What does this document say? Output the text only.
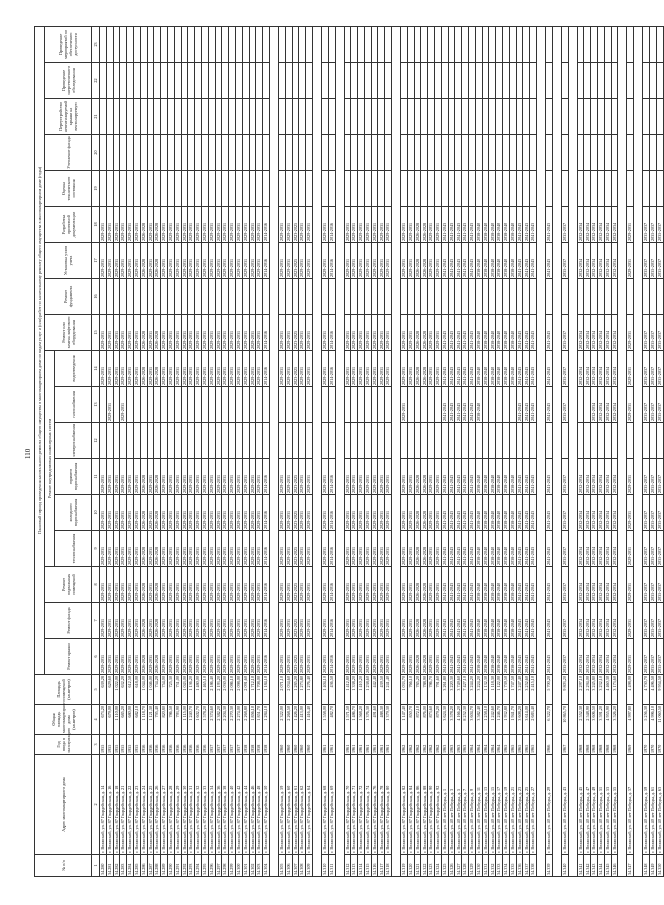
110
№ п/п	Адрес многоквартирного дома	Год ввода в эксплуатацию	Общая площадь многоквартирного дома (кв.метров)	Площадь помещений (кв.метров)	Плановый период проведения капитального ремонта общего имущества в многоквартирном доме по видам услуг и (или) работ по капитальному ремонту общего имущества в многоквартирном доме (годы)																	
					Ремонт крыши	Ремонт фасада	Ремонт подвальных помещений	Ремонт внутридомовых инженерных систем						Ремонт или замена лифтового оборудования	Ремонт фундамента	Установка узлов учета	Разработка проектной документации	Оценка технического состояния	Утепление фасада	Переустройство невентилируемой крыши на вентилируемую	Проведение энергетического обследования	Проведение мероприятий по обеспечению доступности
								теплоснабжения	холодного водоснабжения	горячего водоснабжения	электроснабжения	газоснабжения	водоотведения									
1	2	3	4	5	6	7	8	9	10	11	12	13	14	15	16	17	18	19	20	21	22	23
34.280	г. Волжский, ул. 87 Гвардейская, д. 14	1955	673,20	639,28	2029-2031	2029-2031	2029-2031	2029-2031	2029-2031	2029-2031			2029-2031	2029-2031		2029-2031	2029-2031					
34.281	г. Волжский, ул. 87 Гвардейская, д. 16	1955	679,00	629,60	2029-2031	2029-2031	2029-2031	2029-2031	2029-2031	2029-2031		2029-2031	2029-2031	2029-2031		2029-2031	2029-2031					
34.282	г. Волжский, ул. 87 Гвардейская, д. 18	1955	1 110,00	1 022,00	2029-2031	2029-2031	2029-2031	2029-2031	2029-2031	2029-2031			2029-2031	2029-2031		2029-2031	2029-2031					
34.283	г. Волжский, ул. 87 Гвардейская, д. 21	1955	685,20	632,20	2029-2031	2029-2031	2029-2031	2029-2031	2029-2031	2029-2031		2029-2031	2029-2031	2029-2031		2029-2031	2029-2031					
34.284	г. Волжский, ул. 87 Гвардейская, д. 22	1955	680,00	612,50	2029-2031	2029-2031	2029-2031	2029-2031	2029-2031	2029-2031			2029-2031	2029-2031		2029-2031	2029-2031					
34.285	г. Волжский, ул. 87 Гвардейская, д. 23	1955	682,10	618,00	2029-2031	2029-2031	2029-2031	2029-2031	2029-2031	2029-2031			2029-2031	2029-2031		2029-2031	2029-2031					
34.286	г. Волжский, ул. 87 Гвардейская, д. 24	1956	1 118,70	1 044,00	2026-2028	2026-2028	2026-2028	2026-2028	2026-2028	2026-2028			2026-2028	2026-2028		2026-2028	2026-2028					
34.287	г. Волжский, ул. 87 Гвардейская, д. 25	1956	1 121,30	1 046,00	2029-2031	2029-2031	2029-2031	2029-2031	2029-2031	2029-2031			2029-2031	2029-2031		2029-2031	2029-2031					
34.288	г. Волжский, ул. 87 Гвардейская, д. 26	1956	795,40	734,20	2026-2028	2026-2028	2026-2028	2026-2028	2026-2028	2026-2028			2026-2028	2026-2028		2026-2028	2026-2028					
34.289	г. Волжский, ул. 87 Гвардейская, д. 27	1956	820,80	754,00	2029-2031	2029-2031	2029-2031	2029-2031	2029-2031	2029-2031			2029-2031	2029-2031		2029-2031	2029-2031					
34.290	г. Волжский, ул. 87 Гвардейская, д. 28	1956	786,50	725,30	2029-2031	2029-2031	2029-2031	2029-2031	2029-2031	2029-2031			2029-2031	2029-2031		2029-2031	2029-2031					
34.291	г. Волжский, ул. 87 Гвардейская, д. 29	1956	793,90	731,00	2029-2031	2029-2031	2029-2031	2029-2031	2029-2031	2029-2031			2029-2031	2029-2031		2029-2031	2029-2031					
34.292	г. Волжский, ул. 87 Гвардейская, д. 30	1956	1 115,00	1 043,00	2029-2031	2029-2031	2029-2031	2029-2031	2029-2031	2029-2031			2029-2031	2029-2031		2029-2031	2029-2031					
34.293	г. Волжский, ул. 87 Гвардейская, д. 31	1956	1 240,70	1 136,20	2029-2031	2029-2031	2029-2031	2029-2031	2029-2031	2029-2031			2029-2031	2029-2031		2029-2031	2029-2031					
34.294	г. Волжский, ул. 87 Гвардейская, д. 32	1956	1 602,70	1 480,00	2029-2031	2029-2031	2029-2031	2029-2031	2029-2031	2029-2031			2029-2031	2029-2031		2029-2031	2029-2031					
34.295	г. Волжский, ул. 87 Гвардейская, д. 33	1956	1 578,20	1 465,10	2029-2031	2029-2031	2029-2031	2029-2031	2029-2031	2029-2031			2029-2031	2029-2031		2029-2031	2029-2031					
34.296	г. Волжский, ул. 87 Гвардейская, д. 34	1957	2 374,60	2 186,40	2029-2031	2029-2031	2029-2031	2029-2031	2029-2031	2029-2031			2029-2031	2029-2031		2029-2031	2029-2031					
34.297	г. Волжский, ул. 87 Гвардейская, д. 36	1957	2 382,20	2 193,20	2029-2031	2029-2031	2029-2031	2029-2031	2029-2031	2029-2031			2029-2031	2029-2031		2029-2031	2029-2031					
34.298	г. Волжский, ул. 87 Гвардейская, д. 38	1957	2 204,30	2 030,00	2029-2031	2029-2031	2029-2031	2029-2031	2029-2031	2029-2031			2029-2031	2029-2031		2029-2031	2029-2031					
34.299	г. Волжский, ул. 87 Гвардейская, д. 40	1957	2 270,30	2 086,10	2029-2031	2029-2031	2029-2031	2029-2031	2029-2031	2029-2031			2029-2031	2029-2031		2029-2031	2029-2031					
34.300	г. Волжский, ул. 87 Гвардейская, д. 42	1957	2 274,00	2 098,00	2029-2031	2029-2031	2029-2031	2029-2031	2029-2031	2029-2031			2029-2031	2029-2031		2029-2031	2029-2031					
34.301	г. Волжский, ул. 87 Гвардейская, д. 44	1958	2 268,80	2 091,60	2029-2031	2029-2031	2029-2031	2029-2031	2029-2031	2029-2031			2029-2031	2029-2031		2029-2031	2029-2031					
34.302	г. Волжский, ул. 87 Гвардейская, д. 46	1958	1 856,10	1 712,10	2029-2031	2029-2031	2029-2031	2029-2031	2029-2031	2029-2031			2029-2031	2029-2031		2029-2031	2029-2031					
34.303	г. Волжский, ул. 87 Гвардейская, д. 48	1958	1 851,70	1 708,00	2029-2031	2029-2031	2029-2031	2029-2031	2029-2031	2029-2031			2029-2031	2029-2031		2029-2031	2029-2031					
34.304	г. Волжский, ул. 87 Гвардейская, д. 50	1958	1 284,10	1 184,10	2014-2016	2014-2016	2014-2016	2014-2016	2014-2016	2014-2016			2014-2016	2014-2016		2014-2016	2014-2016					

34.305	г. Волжский, ул. 87 Гвардейская, д. 59	1960	2 322,00	2 071,10	2029-2031	2029-2031	2029-2031	2029-2031	2029-2031	2029-2031			2029-2031	2029-2031		2029-2031	2029-2031					
34.306	г. Волжский, ул. 87 Гвардейская, д. 60	1960	2 268,50	2 034,60	2029-2031	2029-2031	2029-2031	2029-2031	2029-2031	2029-2031			2029-2031	2029-2031		2029-2031	2029-2031					
34.307	г. Волжский, ул. 87 Гвардейская, д. 61	1960	1 426,20	1 285,20	2023-2025	2023-2025	2023-2025	2023-2025	2023-2025	2023-2025			2023-2025	2023-2025		2023-2025	2023-2025					
34.308	г. Волжский, ул. 87 Гвардейская, д. 62	1960	1 413,00	1 273,80	2029-2031	2029-2031	2029-2031	2029-2031	2029-2031	2029-2031			2029-2031	2029-2031		2029-2031	2029-2031					
34.309	г. Волжский, ул. 87 Гвардейская, д. 64	1960	1 416,40	1 276,40	2029-2031	2029-2031	2029-2031	2029-2031	2029-2031	2029-2031			2029-2031	2029-2031		2029-2031	2029-2031					

34.310	г. Волжский, ул. 87 Гвардейская, д. 68	1961	1 558,00	1 404,10	2029-2031	2029-2031	2029-2031	2029-2031	2029-2031	2029-2031			2029-2031	2029-2031		2029-2031	2029-2031					
34.311	г. Волжский, ул. 87 Гвардейская, д. 69	1961	482,70	436,50	2014-2016	2014-2016	2014-2016	2014-2016	2014-2016	2014-2016			2014-2016	2014-2016		2014-2016	2014-2016					

34.312	г. Волжский, ул. 87 Гвардейская, д. 70	1961	1 571,50	1 412,80	2029-2031	2029-2031	2029-2031	2029-2031	2029-2031	2029-2031			2029-2031	2029-2031		2029-2031	2029-2031					
34.313	г. Волжский, ул. 87 Гвардейская, д. 71	1961	1 486,70	1 338,20	2029-2031	2029-2031	2029-2031	2029-2031	2029-2031	2029-2031			2029-2031	2029-2031		2029-2031	2029-2031					
34.314	г. Волжский, ул. 87 Гвардейская, д. 72	1961	1 568,20	1 410,20	2029-2031	2029-2031	2029-2031	2029-2031	2029-2031	2029-2031			2029-2031	2029-2031		2029-2031	2029-2031					
34.315	г. Волжский, ул. 87 Гвардейская, д. 74	1961	1 376,30	1 238,60	2029-2031	2029-2031	2029-2031	2029-2031	2029-2031	2029-2031			2029-2031	2029-2031		2029-2031	2029-2031					
34.316	г. Волжский, ул. 87 Гвардейская, д. 76	1961	491,60	442,40	2029-2031	2029-2031	2029-2031	2029-2031	2029-2031	2029-2031			2029-2031	2029-2031		2029-2031	2029-2031					
34.317	г. Волжский, ул. 87 Гвардейская, д. 78	1961	488,30	439,50	2029-2031	2029-2031	2029-2031	2029-2031	2029-2031	2029-2031			2029-2031	2029-2031		2029-2031	2029-2031					
34.318	г. Волжский, ул. 87 Гвардейская, д. 80	1961	1 379,30	1 241,40	2029-2031	2029-2031	2029-2031	2029-2031	2029-2031	2029-2031			2029-2031	2029-2031		2029-2031	2029-2031					

34.319	г. Волжский, ул. 87 Гвардейская, д. 82	1962	1 147,40	1 033,70	2029-2031	2029-2031	2029-2031	2029-2031	2029-2031	2029-2031		2029-2031	2029-2031	2029-2031		2029-2031	2029-2031					
34.320	г. Волжский, ул. 87 Гвардейская, д. 84	1962	850,70	766,10	2029-2031	2029-2031	2029-2031	2029-2031	2029-2031	2029-2031			2029-2031	2029-2031		2029-2031	2029-2031					
34.321	г. Волжский, ул. 87 Гвардейская, д. 86	1962	872,10	785,20	2026-2028	2026-2028	2026-2028	2026-2028	2026-2028	2026-2028			2026-2028	2026-2028		2026-2028	2026-2028					
34.322	г. Волжский, ул. 87 Гвардейская, д. 88	1962	876,00	788,90	2026-2028	2026-2028	2026-2028	2026-2028	2026-2028	2026-2028			2026-2028	2026-2028		2026-2028	2026-2028					
34.323	г. Волжский, ул. 87 Гвардейская, д. 90	1962	873,60	786,70	2029-2031	2029-2031	2029-2031	2029-2031	2029-2031	2029-2031			2029-2031	2029-2031		2029-2031	2029-2031					
34.324	г. Волжский, ул. 87 Гвардейская, д. 92	1962	879,20	791,60	2029-2031	2029-2031	2029-2031	2029-2031	2029-2031	2029-2031			2029-2031	2029-2031		2029-2031	2029-2031					
34.325	г. Волжский, ул. 40 лет Победы, д. 1	1963	3 624,30	3 261,80	2041-2043	2041-2043	2041-2043	2041-2043	2041-2043	2041-2043		2041-2043	2041-2043	2041-2043		2041-2043	2041-2043					
34.326	г. Волжский, ул. 40 лет Победы, д. 3	1963	3 578,20	3 220,30	2041-2043	2041-2043	2041-2043	2041-2043	2041-2043	2041-2043		2041-2043	2041-2043	2041-2043		2041-2043	2041-2043					
34.327	г. Волжский, ул. 40 лет Победы, д. 5	1963	4 166,20	3 749,60	2041-2043	2041-2043	2041-2043	2041-2043	2041-2043	2041-2043		2041-2043	2041-2043	2041-2043		2041-2043	2041-2043					
34.328	г. Волжский, ул. 40 лет Победы, д. 7	1963	8 252,30	7 427,10	2041-2043	2041-2043	2041-2043	2041-2043	2041-2043	2041-2043		2041-2043	2041-2043	2041-2043		2041-2043	2041-2043					
34.329	г. Волжский, ул. 40 лет Победы, д. 9	1964	3 604,70	3 244,20	2041-2043	2041-2043	2041-2043	2041-2043	2041-2043	2041-2043		2041-2043	2041-2043	2041-2043		2041-2043	2041-2043					
34.330	г. Волжский, ул. 40 лет Победы, д. 11	1964	3 582,40	3 224,20	2038-2040	2038-2040	2038-2040	2038-2040	2038-2040	2038-2040		2038-2040	2038-2040	2038-2040		2038-2040	2038-2040					
34.331	г. Волжский, ул. 40 лет Победы, д. 13	1964	1 258,10	1 132,30	2038-2040	2038-2040	2038-2040	2038-2040	2038-2040	2038-2040			2038-2040	2038-2040		2038-2040	2038-2040					
34.332	г. Волжский, ул. 40 лет Победы, д. 15	1964	1 242,60	1 118,30	2038-2040	2038-2040	2038-2040	2038-2040	2038-2040	2038-2040			2038-2040	2038-2040		2038-2040	2038-2040					
34.333	г. Волжский, ул. 40 лет Победы, д. 17	1964	1 246,70	1 122,00	2038-2040	2038-2040	2038-2040	2038-2040	2038-2040	2038-2040			2038-2040	2038-2040		2038-2040	2038-2040					
34.334	г. Волжский, ул. 40 лет Победы, д. 19	1965	1 932,80	1 739,50	2038-2040	2038-2040	2038-2040	2038-2040	2038-2040	2038-2040			2038-2040	2038-2040		2038-2040	2038-2040					
34.335	г. Волжский, ул. 40 лет Победы, д. 21	1965	1 941,70	1 747,50	2038-2040	2038-2040	2038-2040	2038-2040	2038-2040	2038-2040			2038-2040	2038-2040		2038-2040	2038-2040					
34.336	г. Волжский, ул. 40 лет Победы, д. 23	1965	3 608,20	3 247,40	2041-2043	2041-2043	2041-2043	2041-2043	2041-2043	2041-2043		2041-2043	2041-2043	2041-2043		2041-2043	2041-2043					
34.337	г. Волжский, ул. 40 лет Победы, д. 25	1965	3 614,00	3 252,60	2041-2043	2041-2043	2041-2043	2041-2043	2041-2043	2041-2043		2041-2043	2041-2043	2041-2043		2041-2043	2041-2043					
34.338	г. Волжский, ул. 40 лет Победы, д. 27	1965	2 683,40	2 415,10	2041-2043	2041-2043	2041-2043	2041-2043	2041-2043	2041-2043		2041-2043	2041-2043	2041-2043		2041-2043	2041-2043					

34.339	г. Волжский, ул. 40 лет Победы, д. 29	1966	6 322,70	5 700,20	2041-2043	2041-2043	2041-2043	2041-2043	2041-2043	2041-2043		2041-2043	2041-2043	2041-2043		2041-2043	2041-2043					

34.340	г. Волжский, ул. 40 лет Победы, д. 43	1967	10 865,70	9 803,20	2035-2037	2035-2037	2035-2037	2035-2037	2035-2037	2035-2037		2035-2037	2035-2037	2035-2037		2035-2037	2035-2037					

34.341	г. Волжский, ул. 40 лет Победы, д. 45	1968	2 552,30	2 297,10	2032-2034	2032-2034	2032-2034	2032-2034	2032-2034	2032-2034			2032-2034	2032-2034		2032-2034	2032-2034					
34.342	г. Волжский, ул. 40 лет Победы, д. 47	1968	2 548,90	2 294,00	2032-2034	2032-2034	2032-2034	2032-2034	2032-2034	2032-2034			2032-2034	2032-2034		2032-2034	2032-2034					
34.343	г. Волжский, ул. 40 лет Победы, д. 49	1968	3 606,50	3 245,80	2032-2034	2032-2034	2032-2034	2032-2034	2032-2034	2032-2034		2032-2034	2032-2034	2032-2034		2032-2034	2032-2034					
34.344	г. Волжский, ул. 40 лет Победы, д. 51	1968	3 591,20	3 232,10	2032-2034	2032-2034	2032-2034	2032-2034	2032-2034	2032-2034		2032-2034	2032-2034	2032-2034		2032-2034	2032-2034					
34.345	г. Волжский, ул. 40 лет Победы, д. 53	1968	4 955,90	4 460,30	2032-2034	2032-2034	2032-2034	2032-2034	2032-2034	2032-2034		2032-2034	2032-2034	2032-2034		2032-2034	2032-2034					
34.346	г. Волжский, ул. 40 лет Победы, д. 55	1968	3 526,20	3 173,60	2032-2034	2032-2034	2032-2034	2032-2034	2032-2034	2032-2034		2032-2034	2032-2034	2032-2034		2032-2034	2032-2034					

34.347	г. Волжский, ул. 40 лет Победы, д. 57	1969	4 997,80	4 498,00	2029-2031	2029-2031	2029-2031	2029-2031	2029-2031	2029-2031		2029-2031	2029-2031	2029-2031		2029-2031	2029-2031					

34.348	г. Волжский, ул. 40 лет Победы, д. 59	1970	5 256,30	4 730,70	2035-2037	2035-2037	2035-2037	2035-2037	2035-2037	2035-2037		2035-2037	2035-2037	2035-2037		2035-2037	2035-2037					
34.349	г. Волжский, ул. 40 лет Победы, д. 61	1970	4 996,10	4 496,50	2035-2037	2035-2037	2035-2037	2035-2037	2035-2037	2035-2037		2035-2037	2035-2037	2035-2037		2035-2037	2035-2037					
34.350	г. Волжский, ул. 40 лет Победы, д. 63	1970	11 060,50	9 954,50	2035-2037	2035-2037	2035-2037	2035-2037	2035-2037	2035-2037		2035-2037	2035-2037	2035-2037		2035-2037	2035-2037					
